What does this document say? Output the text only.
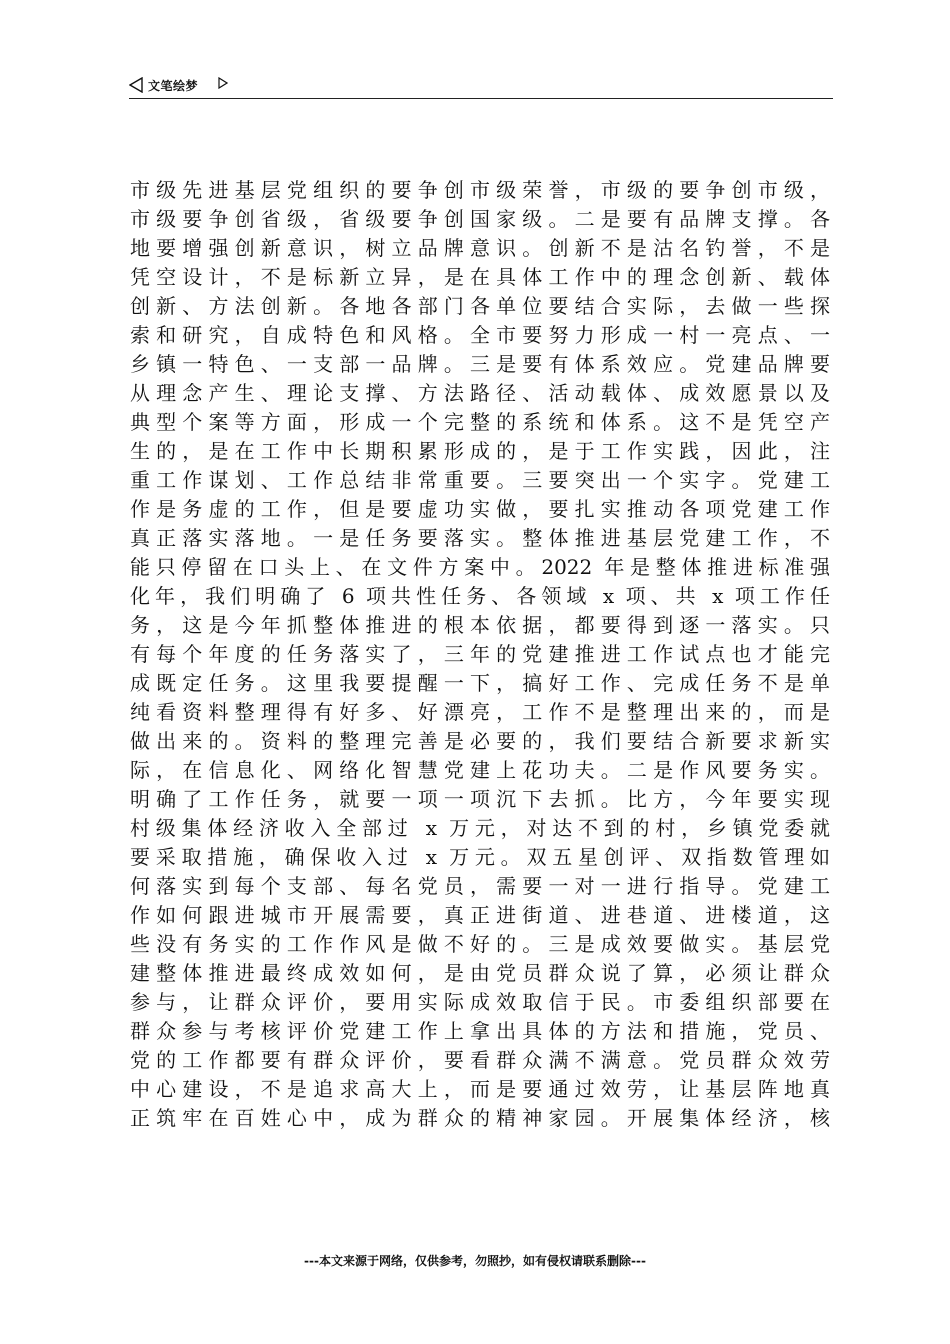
文笔绘梦
市级先进基层党组织的要争创市级荣誉，市级的要争创市级，
市级要争创省级，省级要争创国家级。二是要有品牌支撑。各
地要增强创新意识，树立品牌意识。创新不是沽名钓誉，不是
凭空设计，不是标新立异，是在具体工作中的理念创新、载体
创新、方法创新。各地各部门各单位要结合实际，去做一些探
索和研究，自成特色和风格。全市要努力形成一村一亮点、一
乡镇一特色、一支部一品牌。三是要有体系效应。党建品牌要
从理念产生、理论支撑、方法路径、活动载体、成效愿景以及
典型个案等方面，形成一个完整的系统和体系。这不是凭空产
生的，是在工作中长期积累形成的，是于工作实践，因此，注
重工作谋划、工作总结非常重要。三要突出一个实字。党建工
作是务虚的工作，但是要虚功实做，要扎实推动各项党建工作
真正落实落地。一是任务要落实。整体推进基层党建工作，不
能只停留在口头上、在文件方案中。2022 年是整体推进标准强
化年，我们明确了 6 项共性任务、各领域 x 项、共 x 项工作任
务，这是今年抓整体推进的根本依据，都要得到逐一落实。只
有每个年度的任务落实了，三年的党建推进工作试点也才能完
成既定任务。这里我要提醒一下，搞好工作、完成任务不是单
纯看资料整理得有好多、好漂亮，工作不是整理出来的，而是
做出来的。资料的整理完善是必要的，我们要结合新要求新实
际，在信息化、网络化智慧党建上花功夫。二是作风要务实。
明确了工作任务，就要一项一项沉下去抓。比方，今年要实现
村级集体经济收入全部过 x 万元，对达不到的村，乡镇党委就
要采取措施，确保收入过 x 万元。双五星创评、双指数管理如
何落实到每个支部、每名党员，需要一对一进行指导。党建工
作如何跟进城市开展需要，真正进街道、进巷道、进楼道，这
些没有务实的工作作风是做不好的。三是成效要做实。基层党
建整体推进最终成效如何，是由党员群众说了算，必须让群众
参与，让群众评价，要用实际成效取信于民。市委组织部要在
群众参与考核评价党建工作上拿出具体的方法和措施，党员、
党的工作都要有群众评价，要看群众满不满意。党员群众效劳
中心建设，不是追求高大上，而是要通过效劳，让基层阵地真
正筑牢在百姓心中，成为群众的精神家园。开展集体经济，核
---本文来源于网络，仅供参考，勿照抄，如有侵权请联系删除---
